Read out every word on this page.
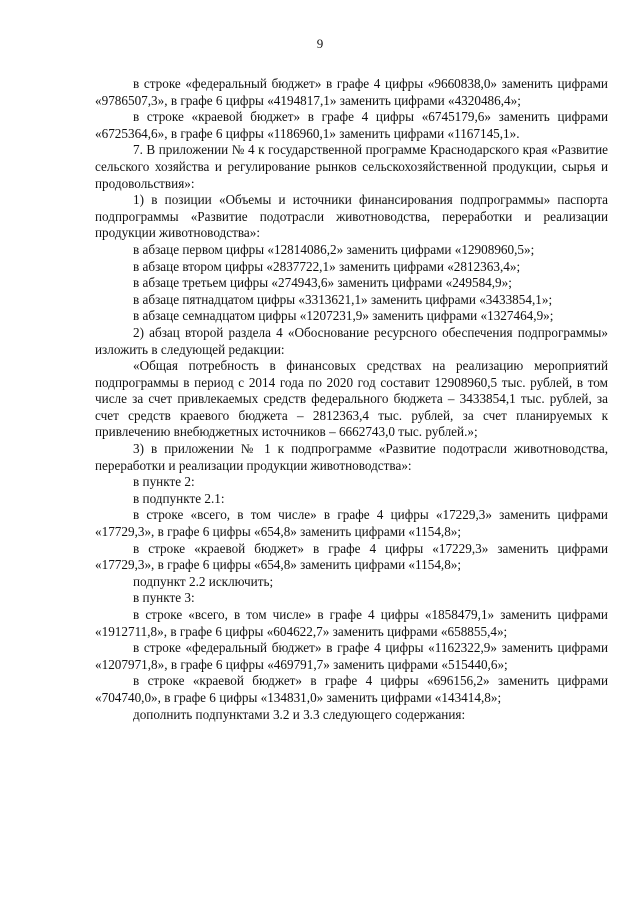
9

в строке «федеральный бюджет» в графе 4 цифры «9660838,0» заменить цифрами «9786507,3», в графе 6 цифры «4194817,1» заменить цифрами «4320486,4»;

в строке «краевой бюджет» в графе 4 цифры «6745179,6» заменить цифрами «6725364,6», в графе 6 цифры «1186960,1» заменить цифрами «1167145,1».

7. В приложении № 4 к государственной программе Краснодарского края «Развитие сельского хозяйства и регулирование рынков сельскохозяйственной продукции, сырья и продовольствия»:

1) в позиции «Объемы и источники финансирования подпрограммы» паспорта подпрограммы «Развитие подотрасли животноводства, переработки и реализации продукции животноводства»:

в абзаце первом цифры «12814086,2» заменить цифрами «12908960,5»;

в абзаце втором цифры «2837722,1» заменить цифрами «2812363,4»;

в абзаце третьем цифры «274943,6» заменить цифрами «249584,9»;

в абзаце пятнадцатом цифры «3313621,1» заменить цифрами «3433854,1»;

в абзаце семнадцатом цифры «1207231,9» заменить цифрами «1327464,9»;

2) абзац второй раздела 4 «Обоснование ресурсного обеспечения подпрограммы» изложить в следующей редакции:

«Общая потребность в финансовых средствах на реализацию мероприятий подпрограммы в период с 2014 года по 2020 год составит 12908960,5 тыс. рублей, в том числе за счет привлекаемых средств федерального бюджета – 3433854,1 тыс. рублей, за счет средств краевого бюджета – 2812363,4 тыс. рублей, за счет планируемых к привлечению внебюджетных источников – 6662743,0 тыс. рублей.»;

3) в приложении № 1 к подпрограмме «Развитие подотрасли животноводства, переработки и реализации продукции животноводства»:

в пункте 2:

в подпункте 2.1:

в строке «всего, в том числе» в графе 4 цифры «17229,3» заменить цифрами «17729,3», в графе 6 цифры «654,8» заменить цифрами «1154,8»;

в строке «краевой бюджет» в графе 4 цифры «17229,3» заменить цифрами «17729,3», в графе 6 цифры «654,8» заменить цифрами «1154,8»;

подпункт 2.2 исключить;

в пункте 3:

в строке «всего, в том числе» в графе 4 цифры «1858479,1» заменить цифрами «1912711,8», в графе 6 цифры «604622,7» заменить цифрами «658855,4»;

в строке «федеральный бюджет» в графе 4 цифры «1162322,9» заменить цифрами «1207971,8», в графе 6 цифры «469791,7» заменить цифрами «515440,6»;

в строке «краевой бюджет» в графе 4 цифры «696156,2» заменить цифрами «704740,0», в графе 6 цифры «134831,0» заменить цифрами «143414,8»;

дополнить подпунктами 3.2 и 3.3 следующего содержания:
